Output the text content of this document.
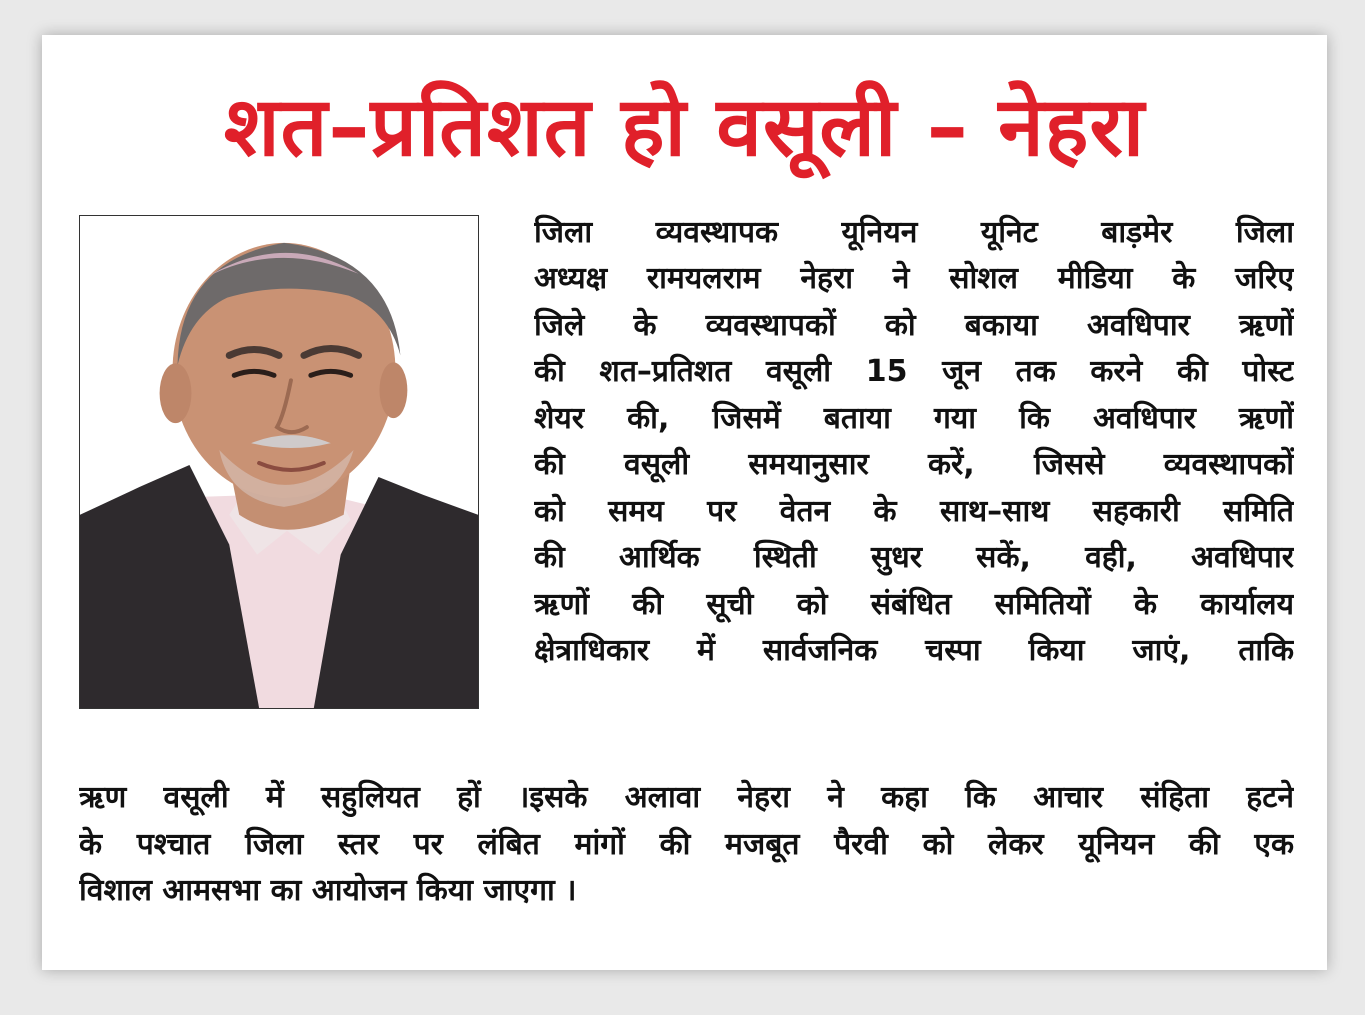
शत–प्रतिशत हो वसूली – नेहरा
जिला व्यवस्थापक यूनियन यूनिट बाड़मेर जिला
अध्यक्ष रामयलराम नेहरा ने सोशल मीडिया के जरिए
जिले के व्यवस्थापकों को बकाया अवधिपार ऋणों
की शत–प्रतिशत वसूली 15 जून तक करने की पोस्ट
शेयर की, जिसमें बताया गया कि अवधिपार ऋणों
की वसूली समयानुसार करें, जिससे व्यवस्थापकों
को समय पर वेतन के साथ–साथ सहकारी समिति
की आर्थिक स्थिती सुधर सकें, वही, अवधिपार
ऋणों की सूची को संबंधित समितियों के कार्यालय
क्षेत्राधिकार में सार्वजनिक चस्पा किया जाएं, ताकि
ऋण वसूली में सहुलियत हों ।इसके अलावा नेहरा ने कहा कि आचार संहिता हटने
के पश्चात जिला स्तर पर लंबित मांगों की मजबूत पैरवी को लेकर यूनियन की एक
विशाल आमसभा का आयोजन किया जाएगा ।
